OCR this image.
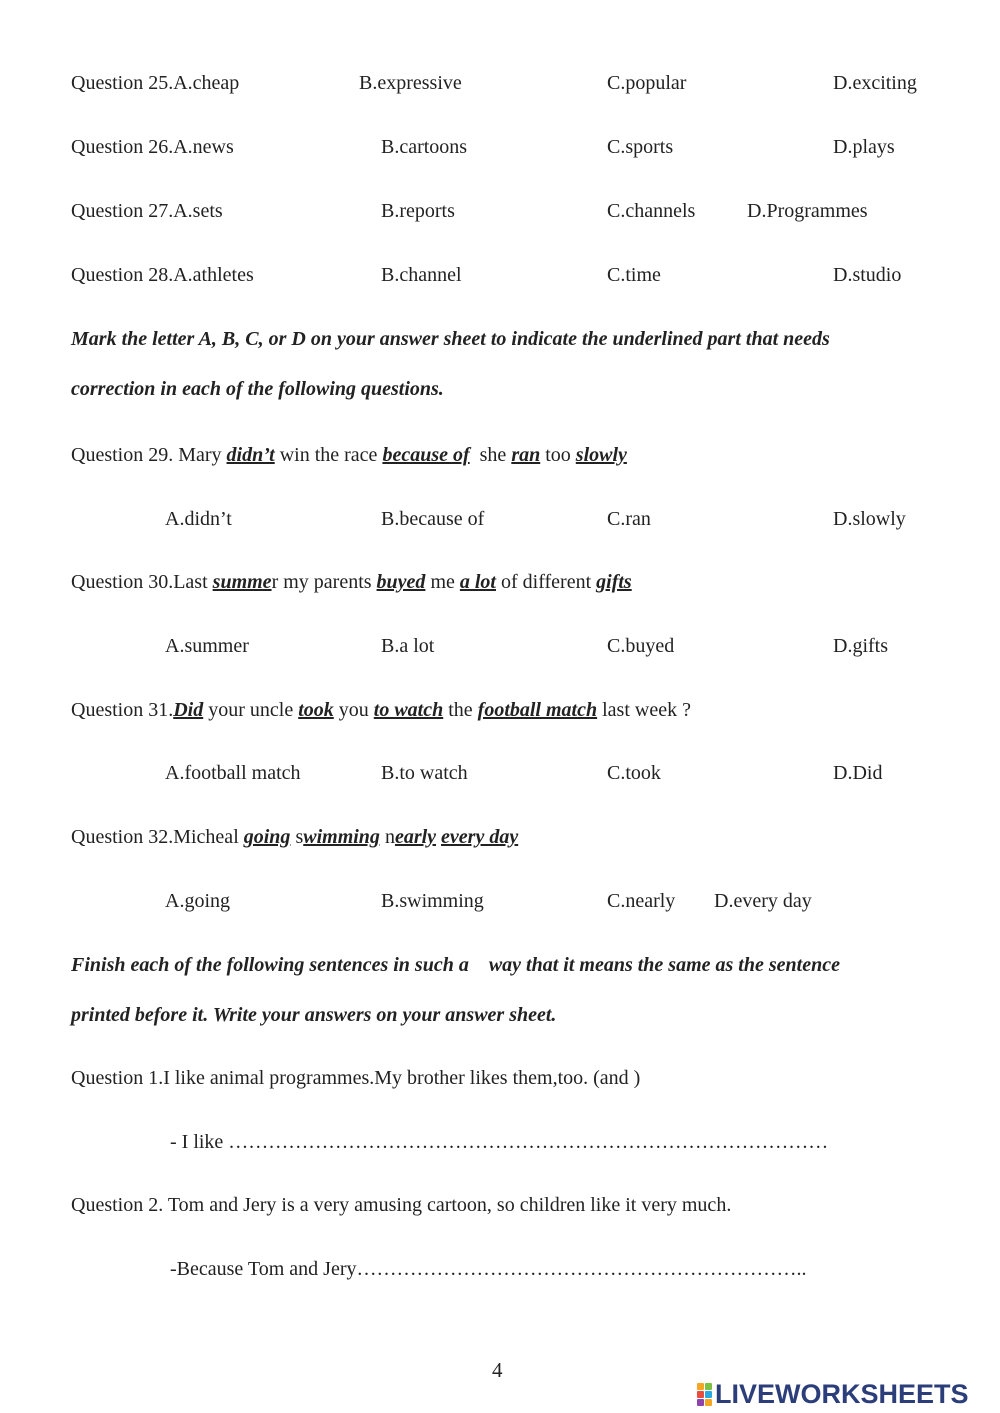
Question 25.A.cheap	B.expressive	C.popular	D.exciting
Question 26.A.news	B.cartoons	C.sports	D.plays
Question 27.A.sets	B.reports	C.channels	D.Programmes
Question 28.A.athletes	B.channel	C.time	D.studio
Mark the letter A, B, C, or D on your answer sheet to indicate the underlined part that needs
correction in each of the following questions.
Question 29. Mary didn’t win the race because of  she ran too slowly
A.didn’t	B.because of	C.ran	D.slowly
Question 30.Last summer my parents buyed me a lot of different gifts
A.summer	B.a lot	C.buyed	D.gifts
Question 31.Did your uncle took you to watch the football match last week ?
A.football match	B.to watch	C.took	D.Did
Question 32.Micheal going swimming nearly every day
A.going	B.swimming	C.nearly D.every day
Finish each of the following sentences in such a    way that it means the same as the sentence
printed before it. Write your answers on your answer sheet.
Question 1.I like animal programmes.My brother likes them,too. (and )
- I like ………………………………………………………………………………
Question 2. Tom and Jery is a very amusing cartoon, so children like it very much.
-Because Tom and Jery…………………………………………………………..
4
LIVEWORKSHEETS
